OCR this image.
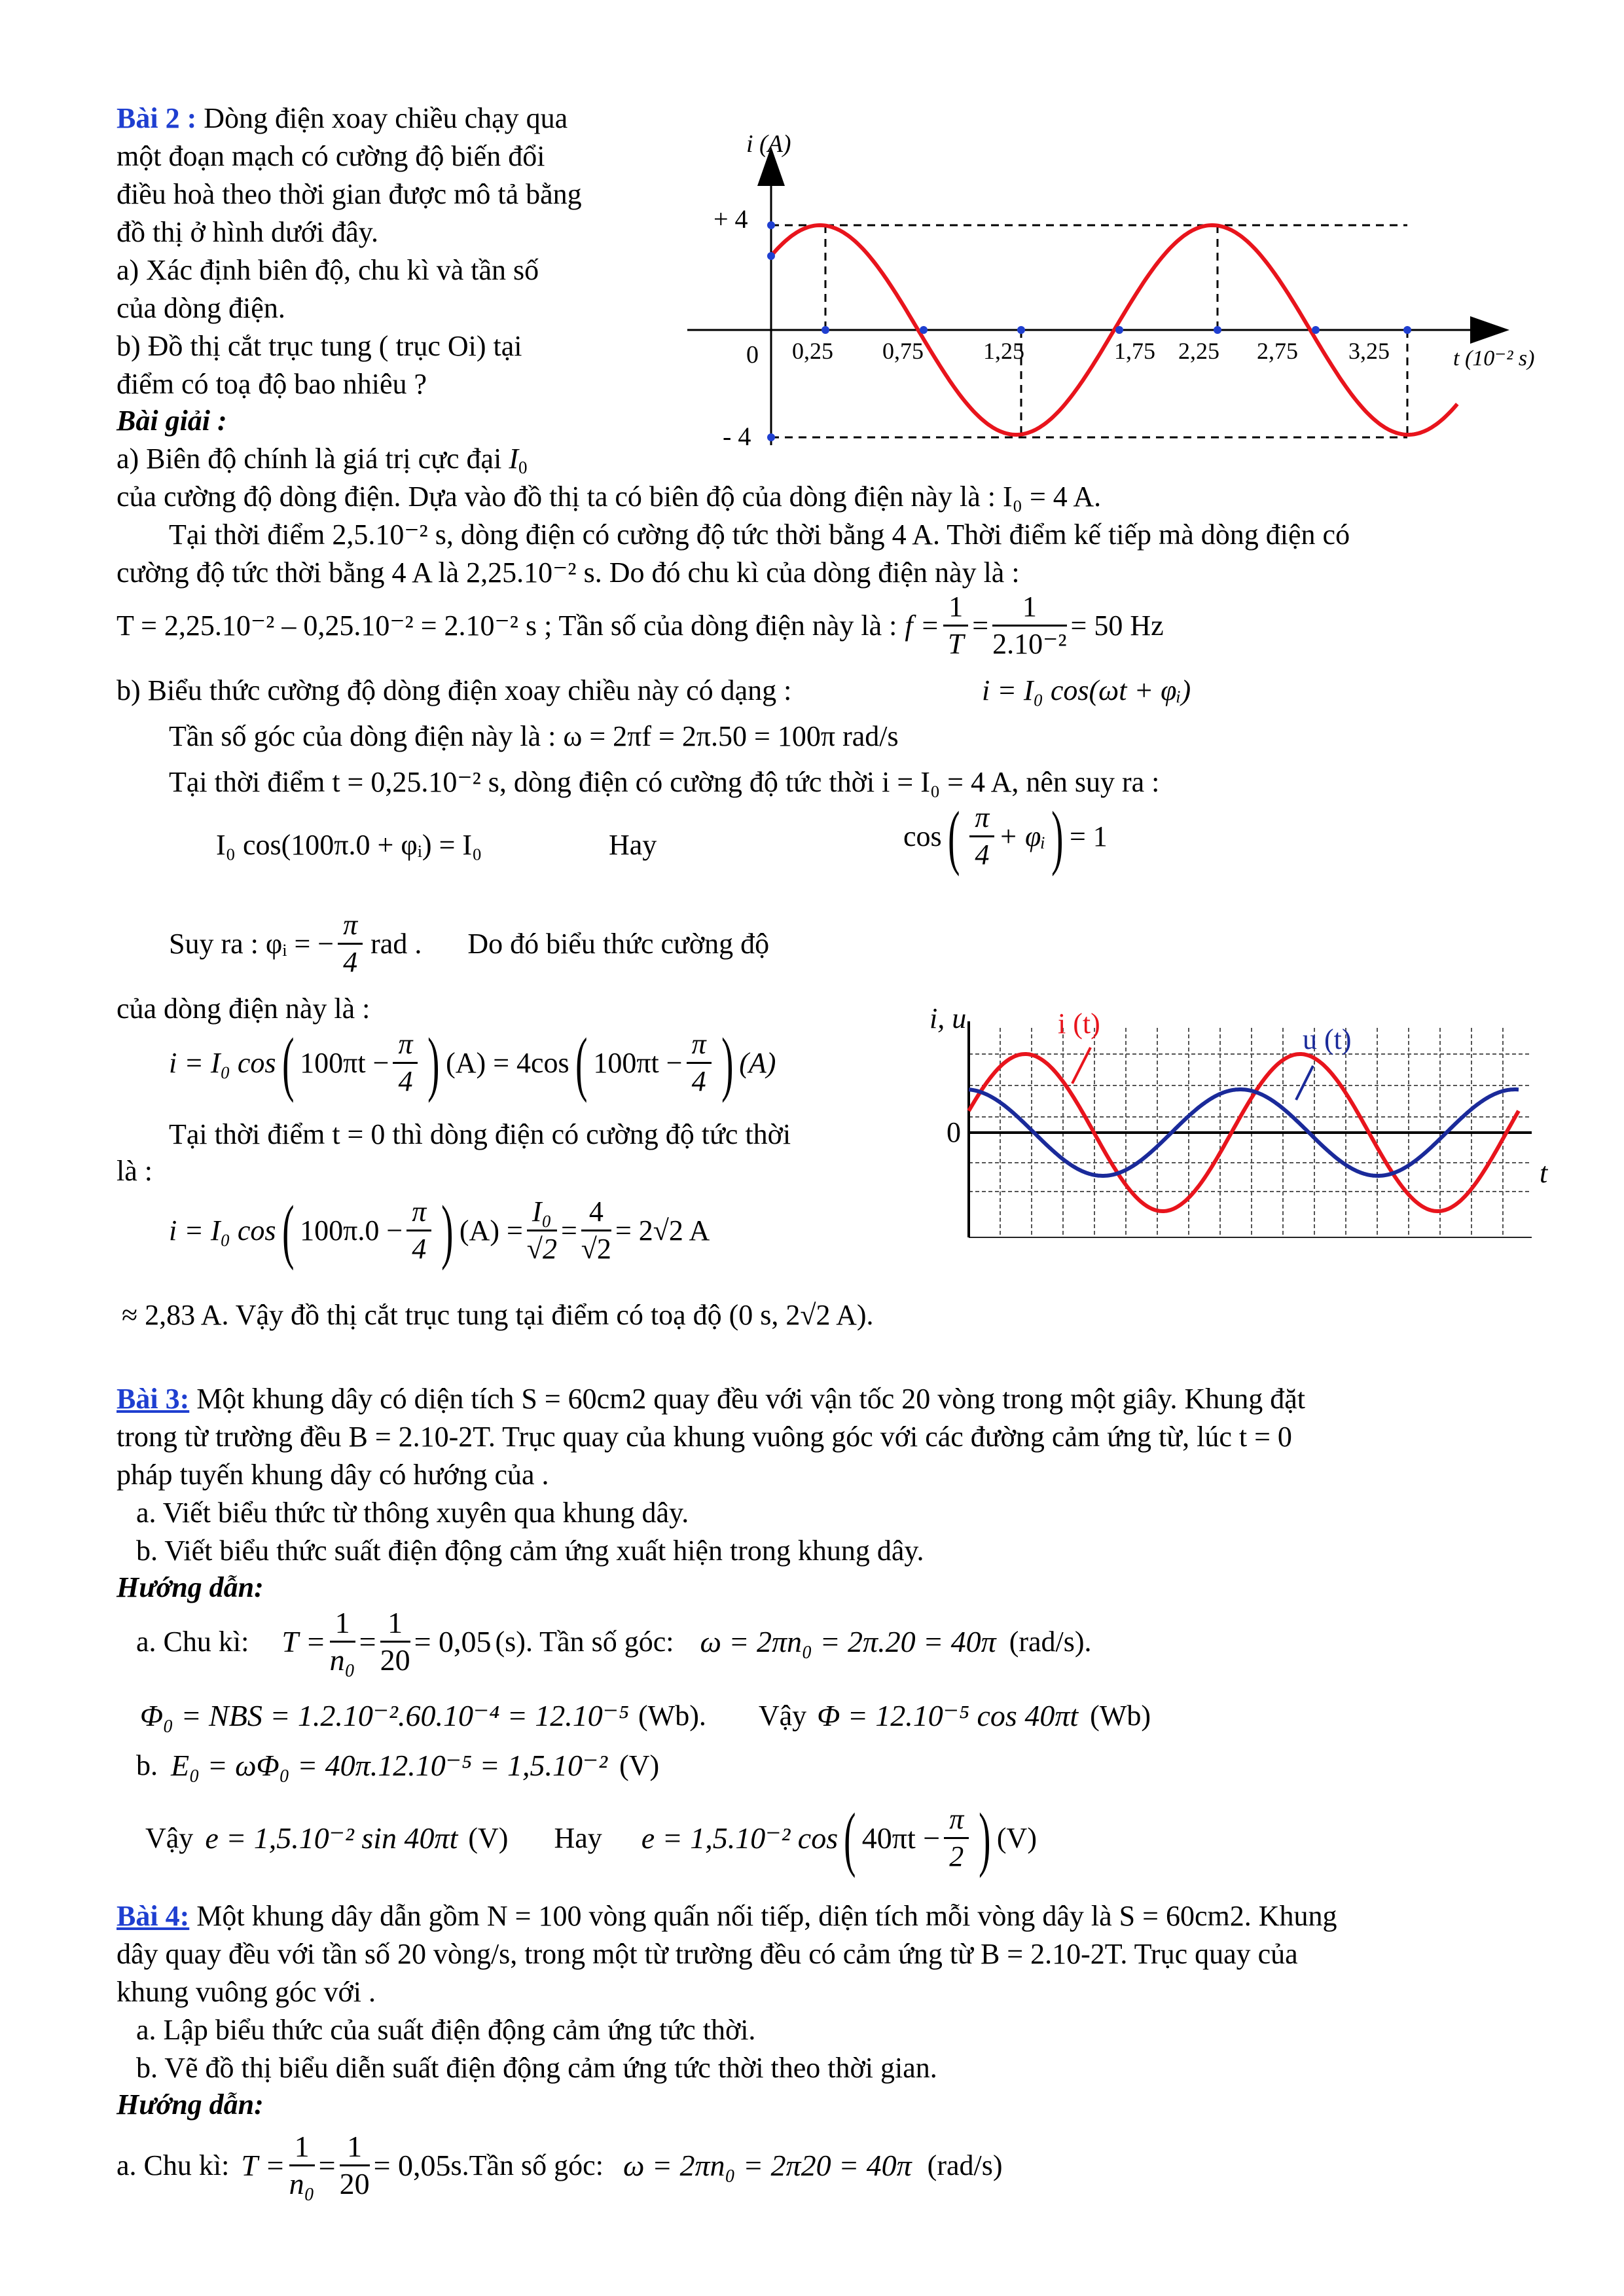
Bài 2 : Dòng điện xoay chiều chạy qua
một đoạn mạch có cường độ biến đổi
điều hoà theo thời gian được mô tả bằng
đồ thị ở hình dưới đây.
a) Xác định biên độ, chu kì và tần số
của dòng điện.
b) Đồ thị cắt trục tung ( trục Oi) tại
điểm có toạ độ bao nhiêu ?
Bài giải :
a) Biên độ chính là giá trị cực đại $I_0$
i (A)
+ 4
- 4
0 0,25 0,75	1,25	1,75 2,25 2,75 3,25	t (10⁻² s)
của cường độ dòng điện. Dựa vào đồ thị ta có biên độ của dòng điện này là : I₀ = 4 A.
Tại thời điểm 2,5.10⁻² s, dòng điện có cường độ tức thời bằng 4 A. Thời điểm kế tiếp mà dòng điện có
cường độ tức thời bằng 4 A là 2,25.10⁻² s. Do đó chu kì của dòng điện này là :
T = 2,25.10⁻² – 0,25.10⁻² = 2.10⁻² s ; Tần số của dòng điện này là : $f = \frac{1}{T} = \frac{1}{\text{2.10⁻²}} = 50$ Hz
b) Biểu thức cường độ dòng điện xoay chiều này có dạng :	i = I₀ cos(ωt + φᵢ)
Tần số góc của dòng điện này là : ω = 2πf = 2π.50 = 100π rad/s
Tại thời điểm t = 0,25.10⁻² s, dòng điện có cường độ tức thời i = I₀ = 4 A, nên suy ra :
I₀ cos(100π.0 + φᵢ) = I₀	Hay	cos ( $\frac{\pi}{4}$ + φᵢ ) = 1
Suy ra : φᵢ = − $\frac{\pi}{4}$ rad . Do đó biểu thức cường độ
của dòng điện này là :
i = I₀ cos ( $100\pi t - \frac{\pi}{4}$ ) (A) = 4cos ( $100\pi t - \frac{\pi}{4}$ ) (A)
Tại thời điểm t = 0 thì dòng điện có cường độ tức thời
là :
i = I₀ cos ( $100\pi.0 - \frac{\pi}{4}$ ) $(A) = \frac{\text{I₀}}{√2} = \frac{4}{√2} = 2√2$ A
≈ 2,83 A. Vậy đồ thị cắt trục tung tại điểm có toạ độ (0 s, 2√2 A).
i, u	i (t)	u (t)
0
t
Bài 3: Một khung dây có diện tích S = 60cm2 quay đều với vận tốc 20 vòng trong một giây. Khung đặt
trong từ trường đều B = 2.10-2T. Trục quay của khung vuông góc với các đường cảm ứng từ, lúc t = 0
pháp tuyến khung dây có hướng của .
a. Viết biểu thức từ thông xuyên qua khung dây.
b. Viết biểu thức suất điện động cảm ứng xuất hiện trong khung dây.
Hướng dẫn:
a. Chu kì: $T = \frac{1}{\text{n₀}} = \frac{1}{20} = 0,05$ (s). Tần số góc: ω = 2πn₀ = 2π.20 = 40π (rad/s).
Φ₀ = NBS = 1.2.10⁻².60.10⁻⁴ = 12.10⁻⁵ (Wb). Vậy Φ = 12.10⁻⁵ cos 40πt (Wb)
b. E₀ = ωΦ₀ = 40π.12.10⁻⁵ = 1,5.10⁻² (V)
Vậy e = 1,5.10⁻² sin 40πt (V) Hay e = 1,5.10⁻² cos ( $40\pi t - \frac{\pi}{2}$ ) (V)
Bài 4: Một khung dây dẫn gồm N = 100 vòng quấn nối tiếp, diện tích mỗi vòng dây là S = 60cm2. Khung
dây quay đều với tần số 20 vòng/s, trong một từ trường đều có cảm ứng từ B = 2.10-2T. Trục quay của
khung vuông góc với .
a. Lập biểu thức của suất điện động cảm ứng tức thời.
b. Vẽ đồ thị biểu diễn suất điện động cảm ứng tức thời theo thời gian.
Hướng dẫn:
a. Chu kì: $T = \frac{1}{\text{n₀}} = \frac{1}{20} = 0,05$ s.Tần số góc: ω = 2πn₀ = 2π20 = 40π (rad/s)
